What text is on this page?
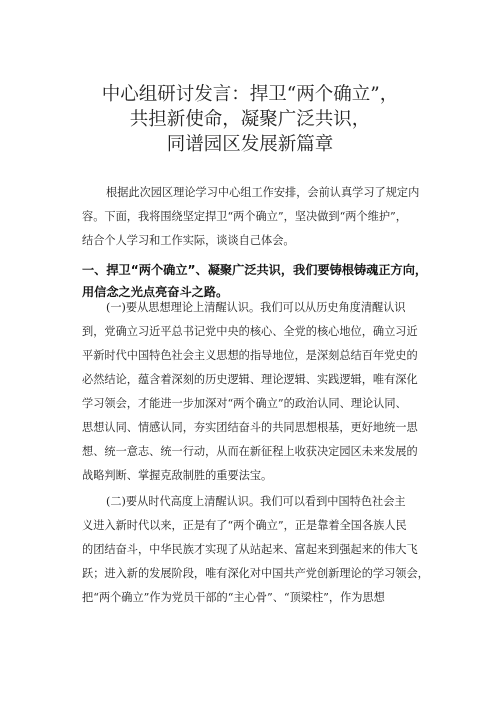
中心组研讨发言：捍卫“两个确立”，
共担新使命，凝聚广泛共识，
同谱园区发展新篇章
根据此次园区理论学习中心组工作安排，会前认真学习了规定内
容。下面，我将围绕坚定捍卫“两个确立”，坚决做到“两个维护”，
结合个人学习和工作实际，谈谈自己体会。
一、捍卫“两个确立”、凝聚广泛共识，我们要铸根铸魂正方向，
用信念之光点亮奋斗之路。
(一)要从思想理论上清醒认识。我们可以从历史角度清醒认识
到，党确立习近平总书记党中央的核心、全党的核心地位，确立习近
平新时代中国特色社会主义思想的指导地位，是深刻总结百年党史的
必然结论，蕴含着深刻的历史逻辑、理论逻辑、实践逻辑，唯有深化
学习领会，才能进一步加深对“两个确立”的政治认同、理论认同、
思想认同、情感认同，夯实团结奋斗的共同思想根基，更好地统一思
想、统一意志、统一行动，从而在新征程上收获决定园区未来发展的
战略判断、掌握克敌制胜的重要法宝。
(二)要从时代高度上清醒认识。我们可以看到中国特色社会主
义进入新时代以来，正是有了“两个确立”，正是靠着全国各族人民
的团结奋斗，中华民族才实现了从站起来、富起来到强起来的伟大飞
跃；进入新的发展阶段，唯有深化对中国共产党创新理论的学习领会，
把“两个确立”作为党员干部的“主心骨”、“顶梁柱”，作为思想
